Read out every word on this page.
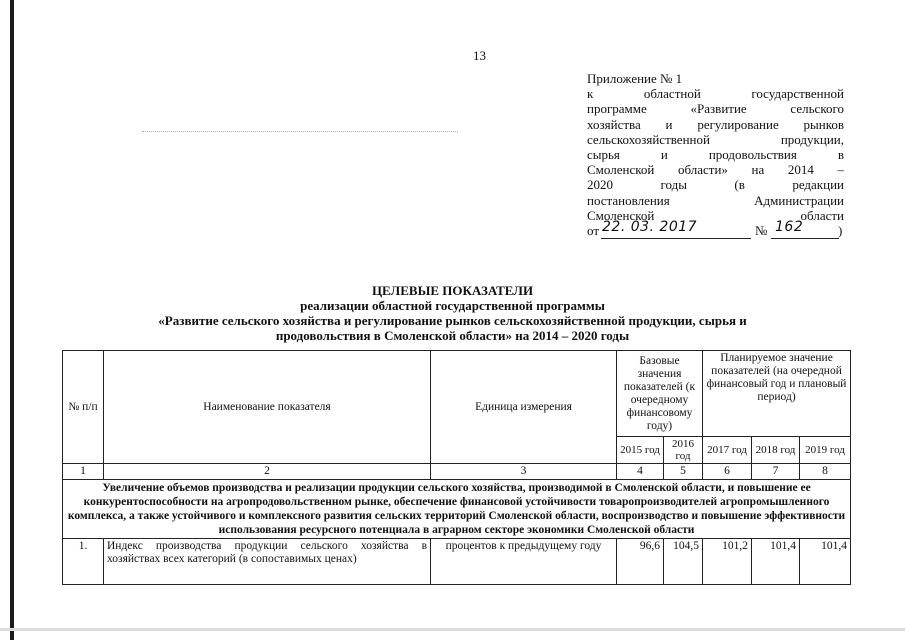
13
Приложение № 1
к областной государственной
программе «Развитие сельского
хозяйства и регулирование рынков
сельскохозяйственной продукции,
сырья и продовольствия в
Смоленской области» на 2014 –
2020 годы (в редакции
постановления Администрации
Смоленской области
от 22. 03. 2017	№ 162	)
ЦЕЛЕВЫЕ ПОКАЗАТЕЛИ
реализации областной государственной программы
«Развитие сельского хозяйства и регулирование рынков сельскохозяйственной продукции, сырья и
продовольствия в Смоленской области» на 2014 – 2020 годы
№ п/п	Наименование показателя	Единица измерения	Базовые значения показателей (к очередному финансовому году)		Планируемое значение показателей (на очередной финансовый год и плановый период)		
			2015 год	2016 год	2017 год	2018 год	2019 год
1	2	3	4	5	6	7	8
Увеличение объемов производства и реализации продукции сельского хозяйства, производимой в Смоленской области, и повышение ее конкурентоспособности на агропродовольственном рынке, обеспечение финансовой устойчивости товаропроизводителей агропромышленного комплекса, а также устойчивого и комплексного развития сельских территорий Смоленской области, воспроизводство и повышение эффективности использования ресурсного потенциала в аграрном секторе экономики Смоленской области							
1.	Индекс производства продукции сельского хозяйства в хозяйствах всех категорий (в сопоставимых ценах)	процентов к предыдущему году	96,6	104,5	101,2	101,4	101,4
